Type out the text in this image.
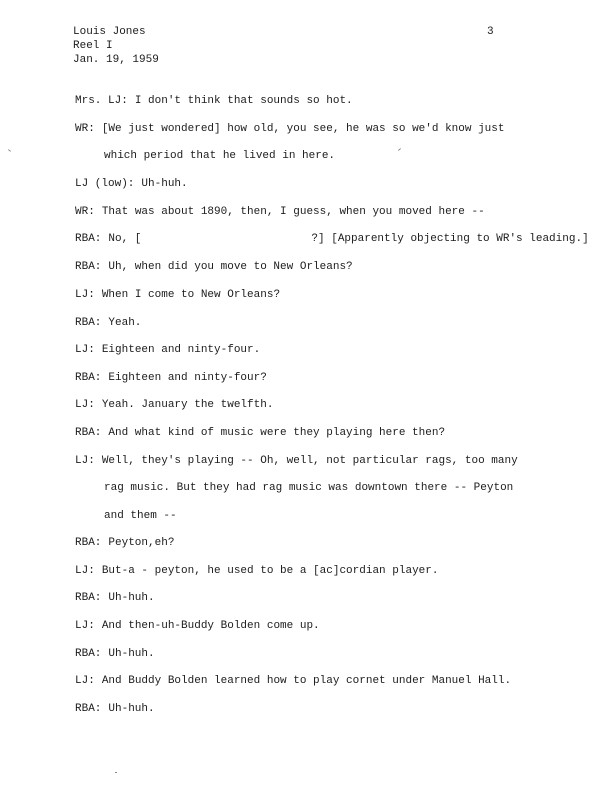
Louis Jones
Reel I
Jan. 19, 1959
3
Mrs. LJ: I don't think that sounds so hot.
WR: [We just wondered] how old, you see, he was so we'd know just
which period that he lived in here.
LJ (low): Uh-huh.
WR: That was about 1890, then, I guess, when you moved here --
RBA: No, [	?] [Apparently objecting to WR's leading.]
RBA: Uh, when did you move to New Orleans?
LJ: When I come to New Orleans?
RBA: Yeah.
LJ: Eighteen and ninty-four.
RBA: Eighteen and ninty-four?
LJ: Yeah. January the twelfth.
RBA: And what kind of music were they playing here then?
LJ: Well, they's playing -- Oh, well, not particular rags, too many
rag music. But they had rag music was downtown there -- Peyton
and them --
RBA: Peyton,eh?
LJ: But-a - peyton, he used to be a [ac]cordian player.
RBA: Uh-huh.
LJ: And then-uh-Buddy Bolden come up.
RBA: Uh-huh.
LJ: And Buddy Bolden learned how to play cornet under Manuel Hall.
RBA: Uh-huh.
